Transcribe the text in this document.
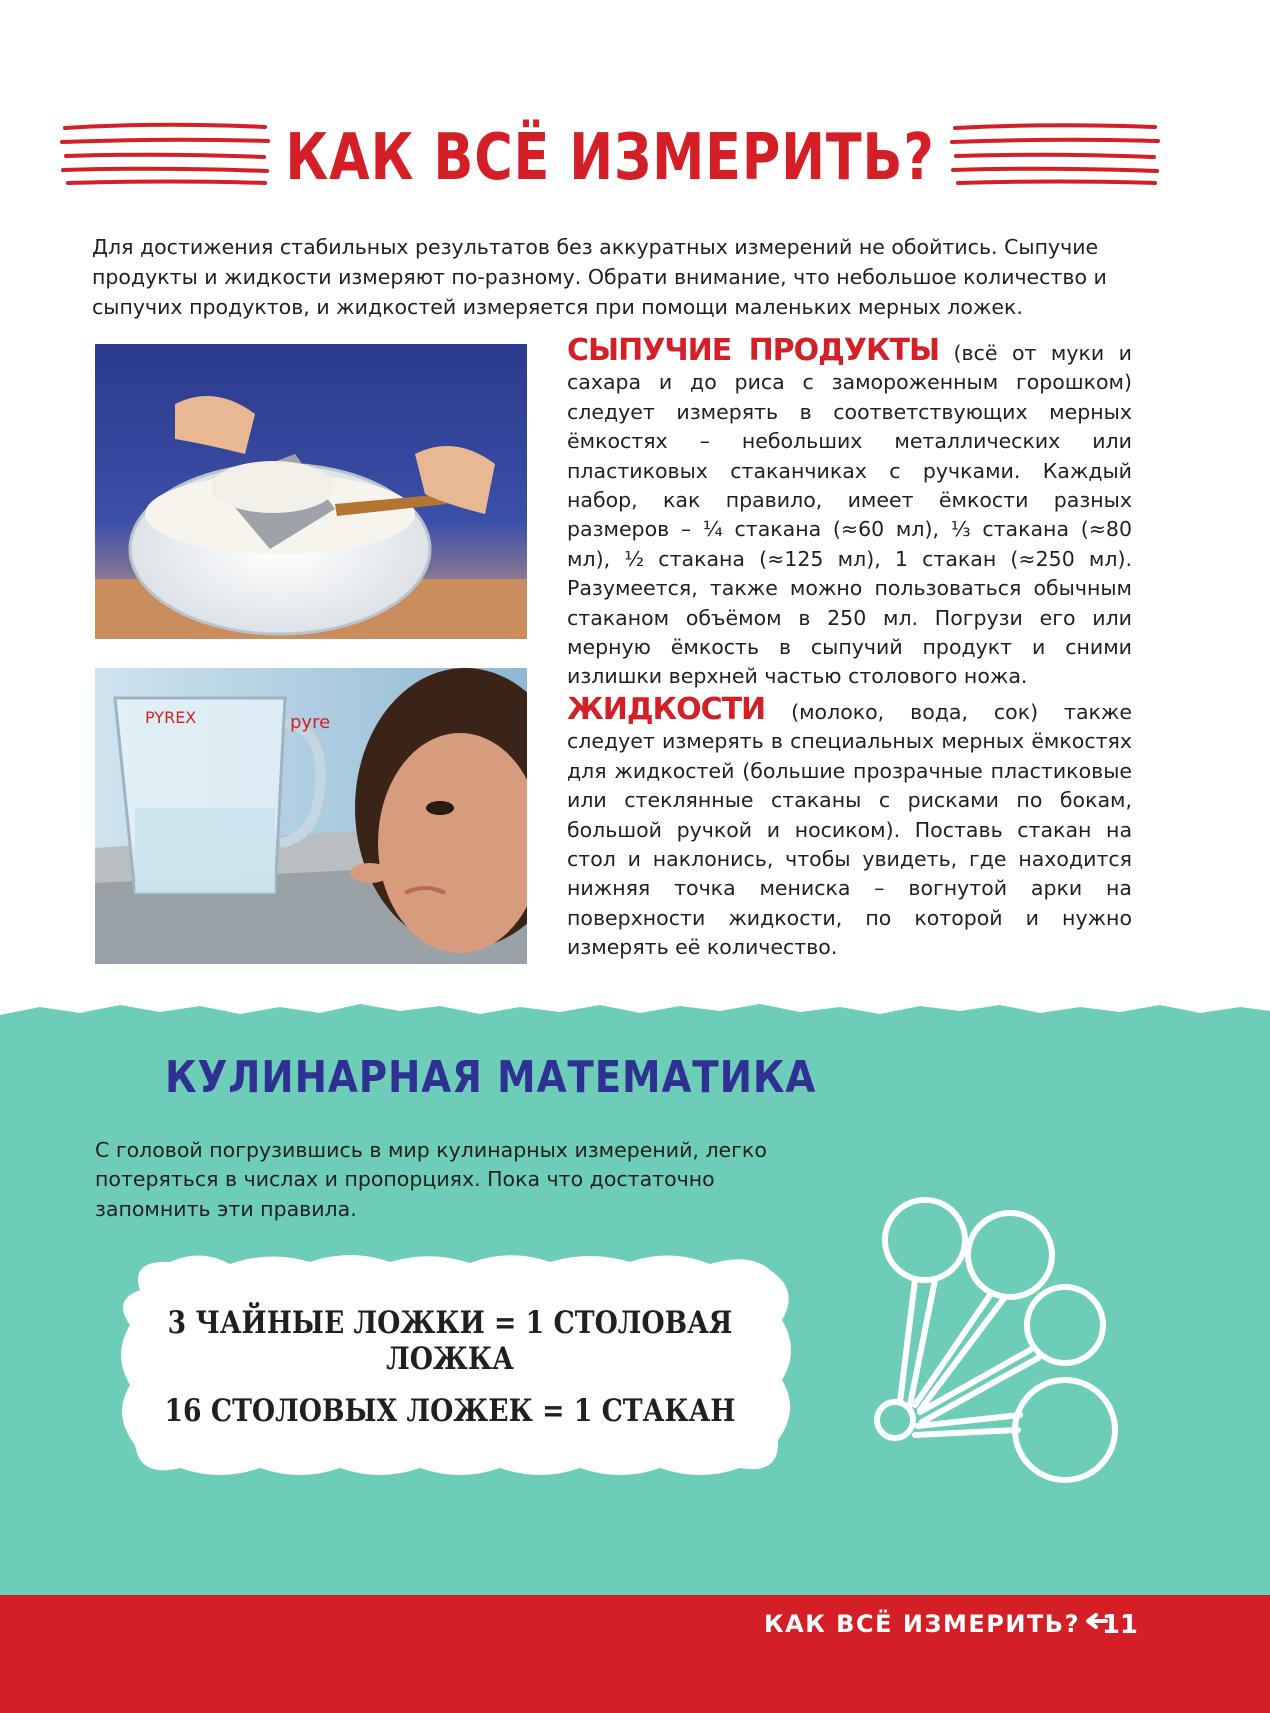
КАК ВСЁ ИЗМЕРИТЬ?

Для достижения стабильных результатов без аккуратных измерений не обойтись. Сыпучие продукты и жидкости измеряют по-разному. Обрати внимание, что небольшое количество и сыпучих продуктов, и жидкостей измеряется при помощи маленьких мерных ложек.

PYREX	pyre

СЫПУЧИЕ ПРОДУКТЫ (всё от муки и сахара и до риса с замороженным горошком) следует измерять в соответствующих мерных ёмкостях – небольших металлических или пластиковых стаканчиках с ручками. Каждый набор, как правило, имеет ёмкости разных размеров – ¼ стакана (≈60 мл), ⅓ стакана (≈80 мл), ½ стакана (≈125 мл), 1 стакан (≈250 мл). Разумеется, также можно пользоваться обычным стаканом объёмом в 250 мл. Погрузи его или мерную ёмкость в сыпучий продукт и сними излишки верхней частью столового ножа.

ЖИДКОСТИ (молоко, вода, сок) также следует измерять в специальных мерных ёмкостях для жидкостей (большие прозрачные пластиковые или стеклянные стаканы с рисками по бокам, большой ручкой и носиком). Поставь стакан на стол и наклонись, чтобы увидеть, где находится нижняя точка мениска – вогнутой арки на поверхности жидкости, по которой и нужно измерять её количество.

КУЛИНАРНАЯ МАТЕМАТИКА

С головой погрузившись в мир кулинарных измерений, легко потеряться в числах и пропорциях. Пока что достаточно запомнить эти правила.

3 ЧАЙНЫЕ ЛОЖКИ = 1 СТОЛОВАЯ ЛОЖКА
16 СТОЛОВЫХ ЛОЖЕК = 1 СТАКАН
КАК ВСЁ ИЗМЕРИТЬ? 11
